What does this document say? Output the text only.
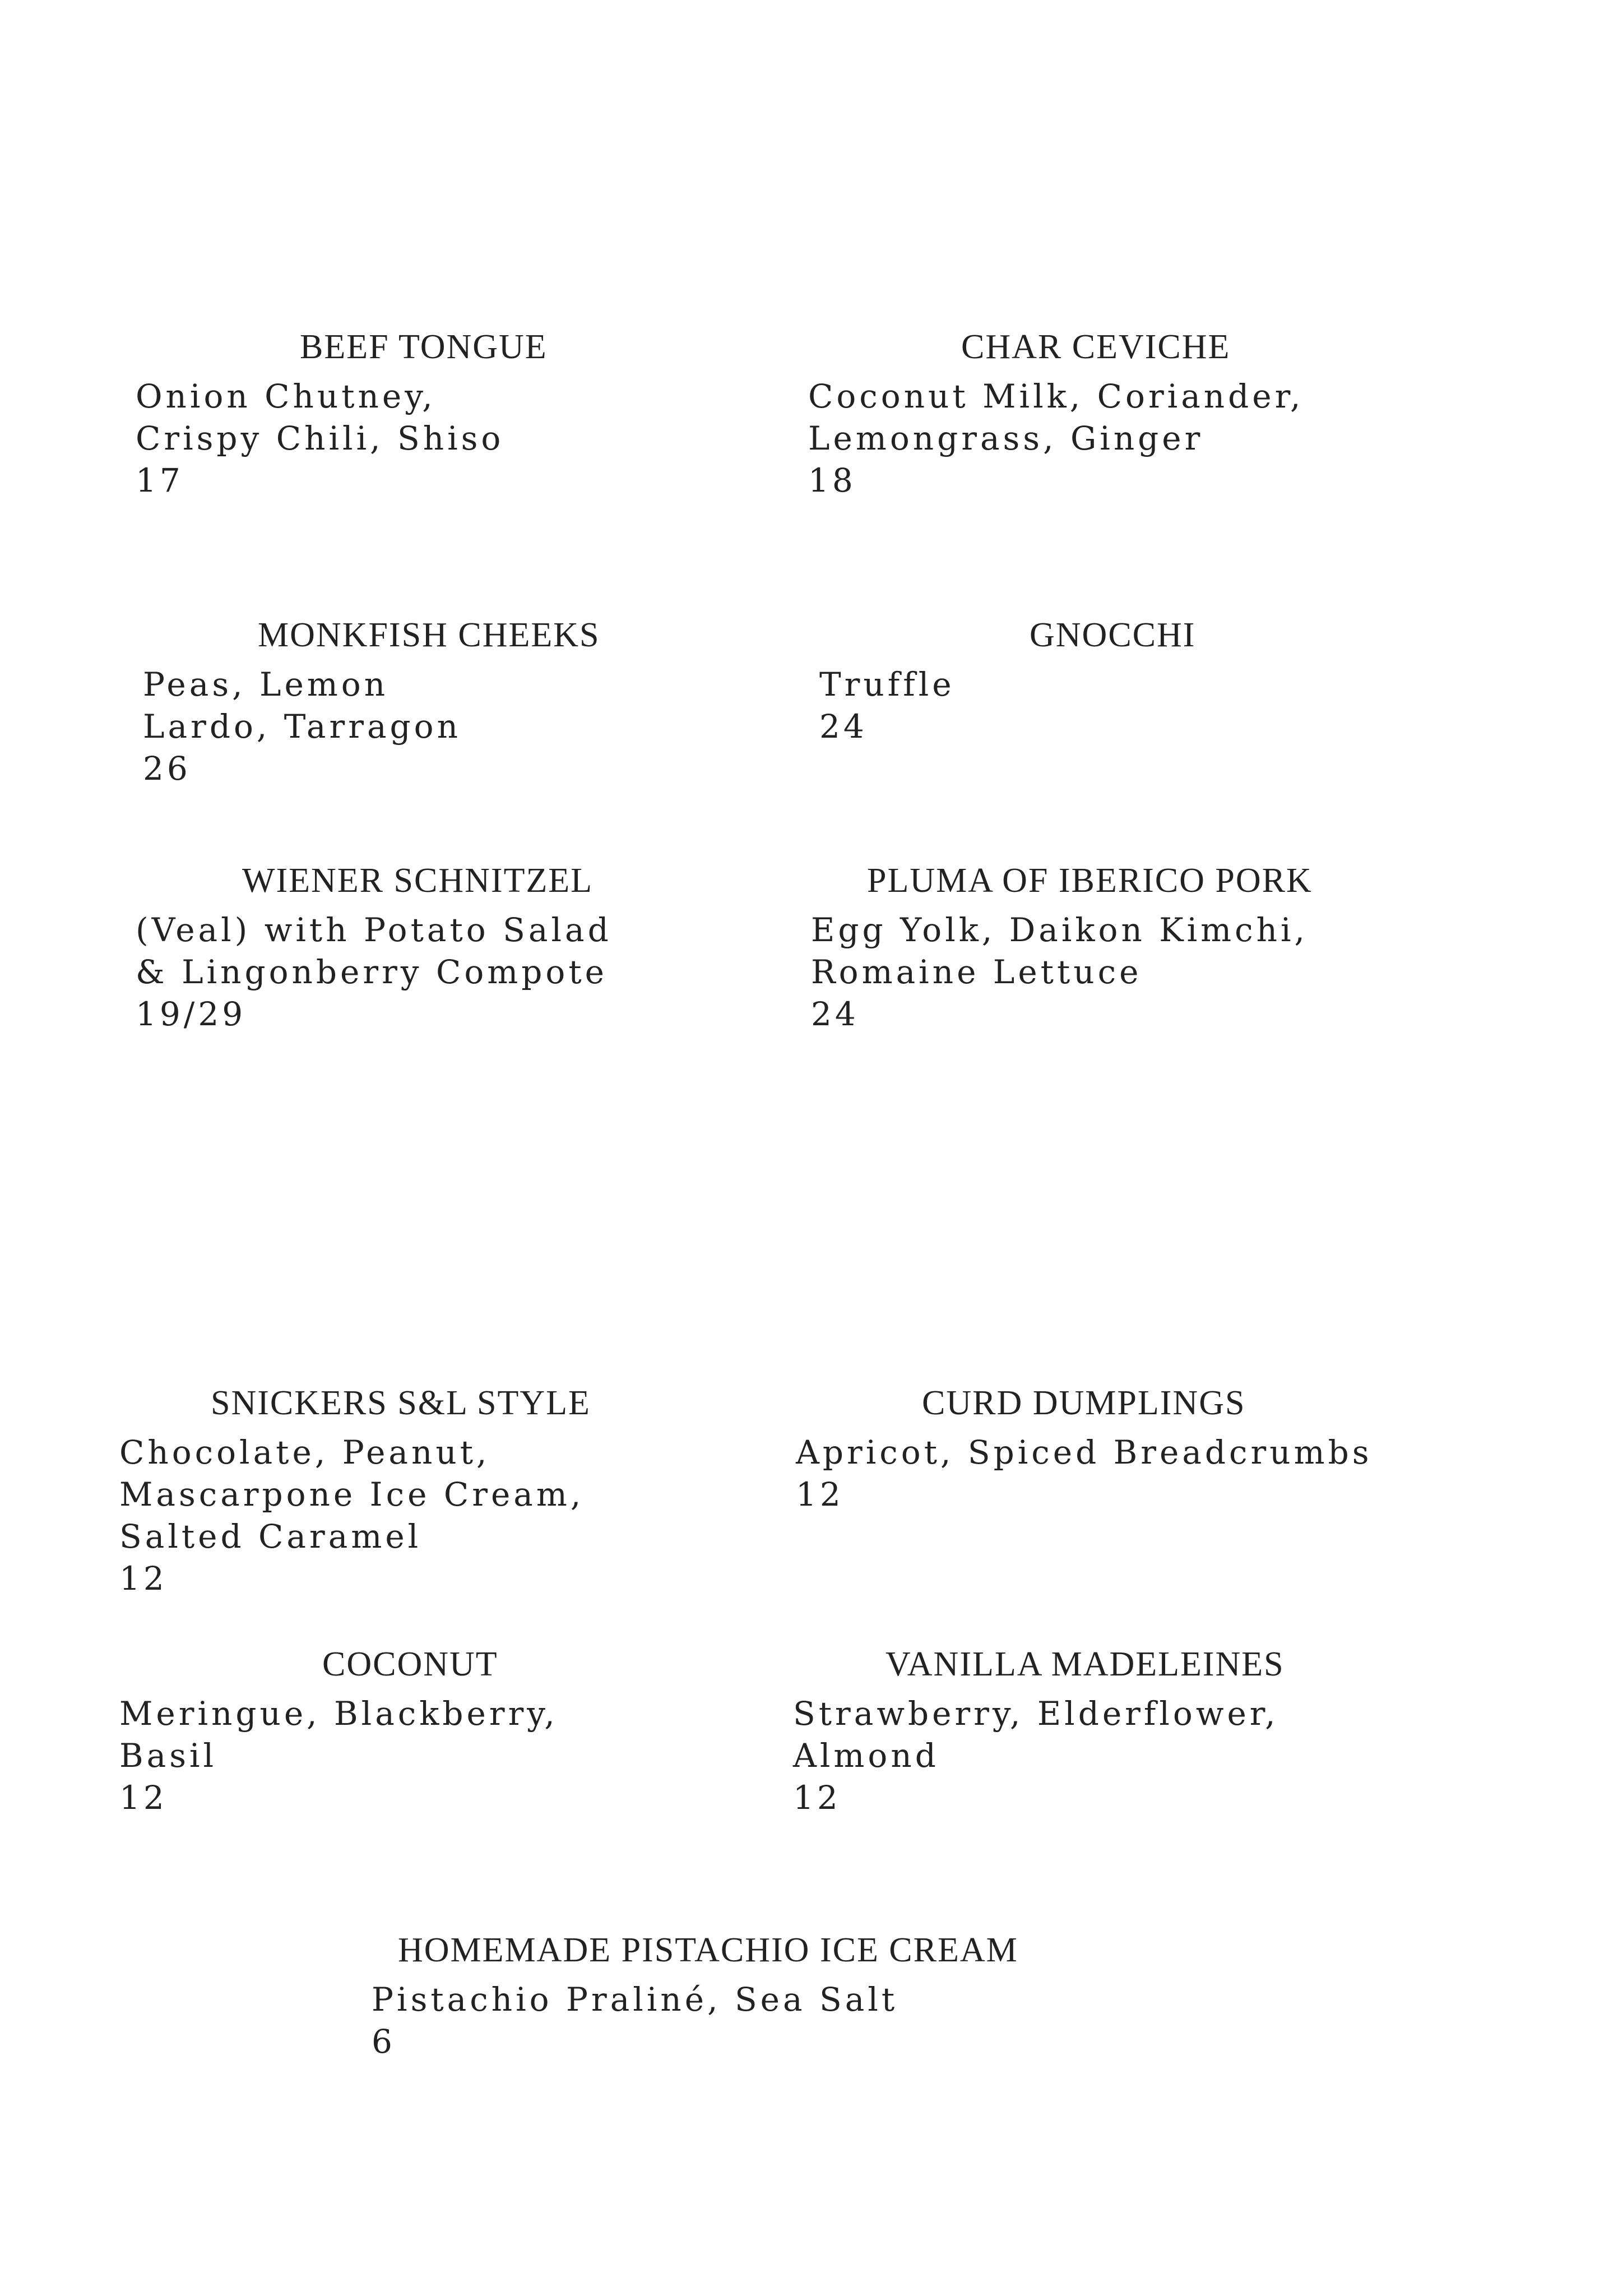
BEEF TONGUE
Onion Chutney,
Crispy Chili, Shiso
17
CHAR CEVICHE
Coconut Milk, Coriander,
Lemongrass, Ginger
18
MONKFISH CHEEKS
Peas, Lemon
Lardo, Tarragon
26
GNOCCHI
Truffle
24
WIENER SCHNITZEL
(Veal) with Potato Salad
& Lingonberry Compote
19/29
PLUMA OF IBERICO PORK
Egg Yolk, Daikon Kimchi,
Romaine Lettuce
24
SNICKERS S&L STYLE
Chocolate, Peanut,
Mascarpone Ice Cream,
Salted Caramel
12
CURD DUMPLINGS
Apricot, Spiced Breadcrumbs
12
COCONUT
Meringue, Blackberry,
Basil
12
VANILLA MADELEINES
Strawberry, Elderflower,
Almond
12
HOMEMADE PISTACHIO ICE CREAM
Pistachio Praliné, Sea Salt
6
